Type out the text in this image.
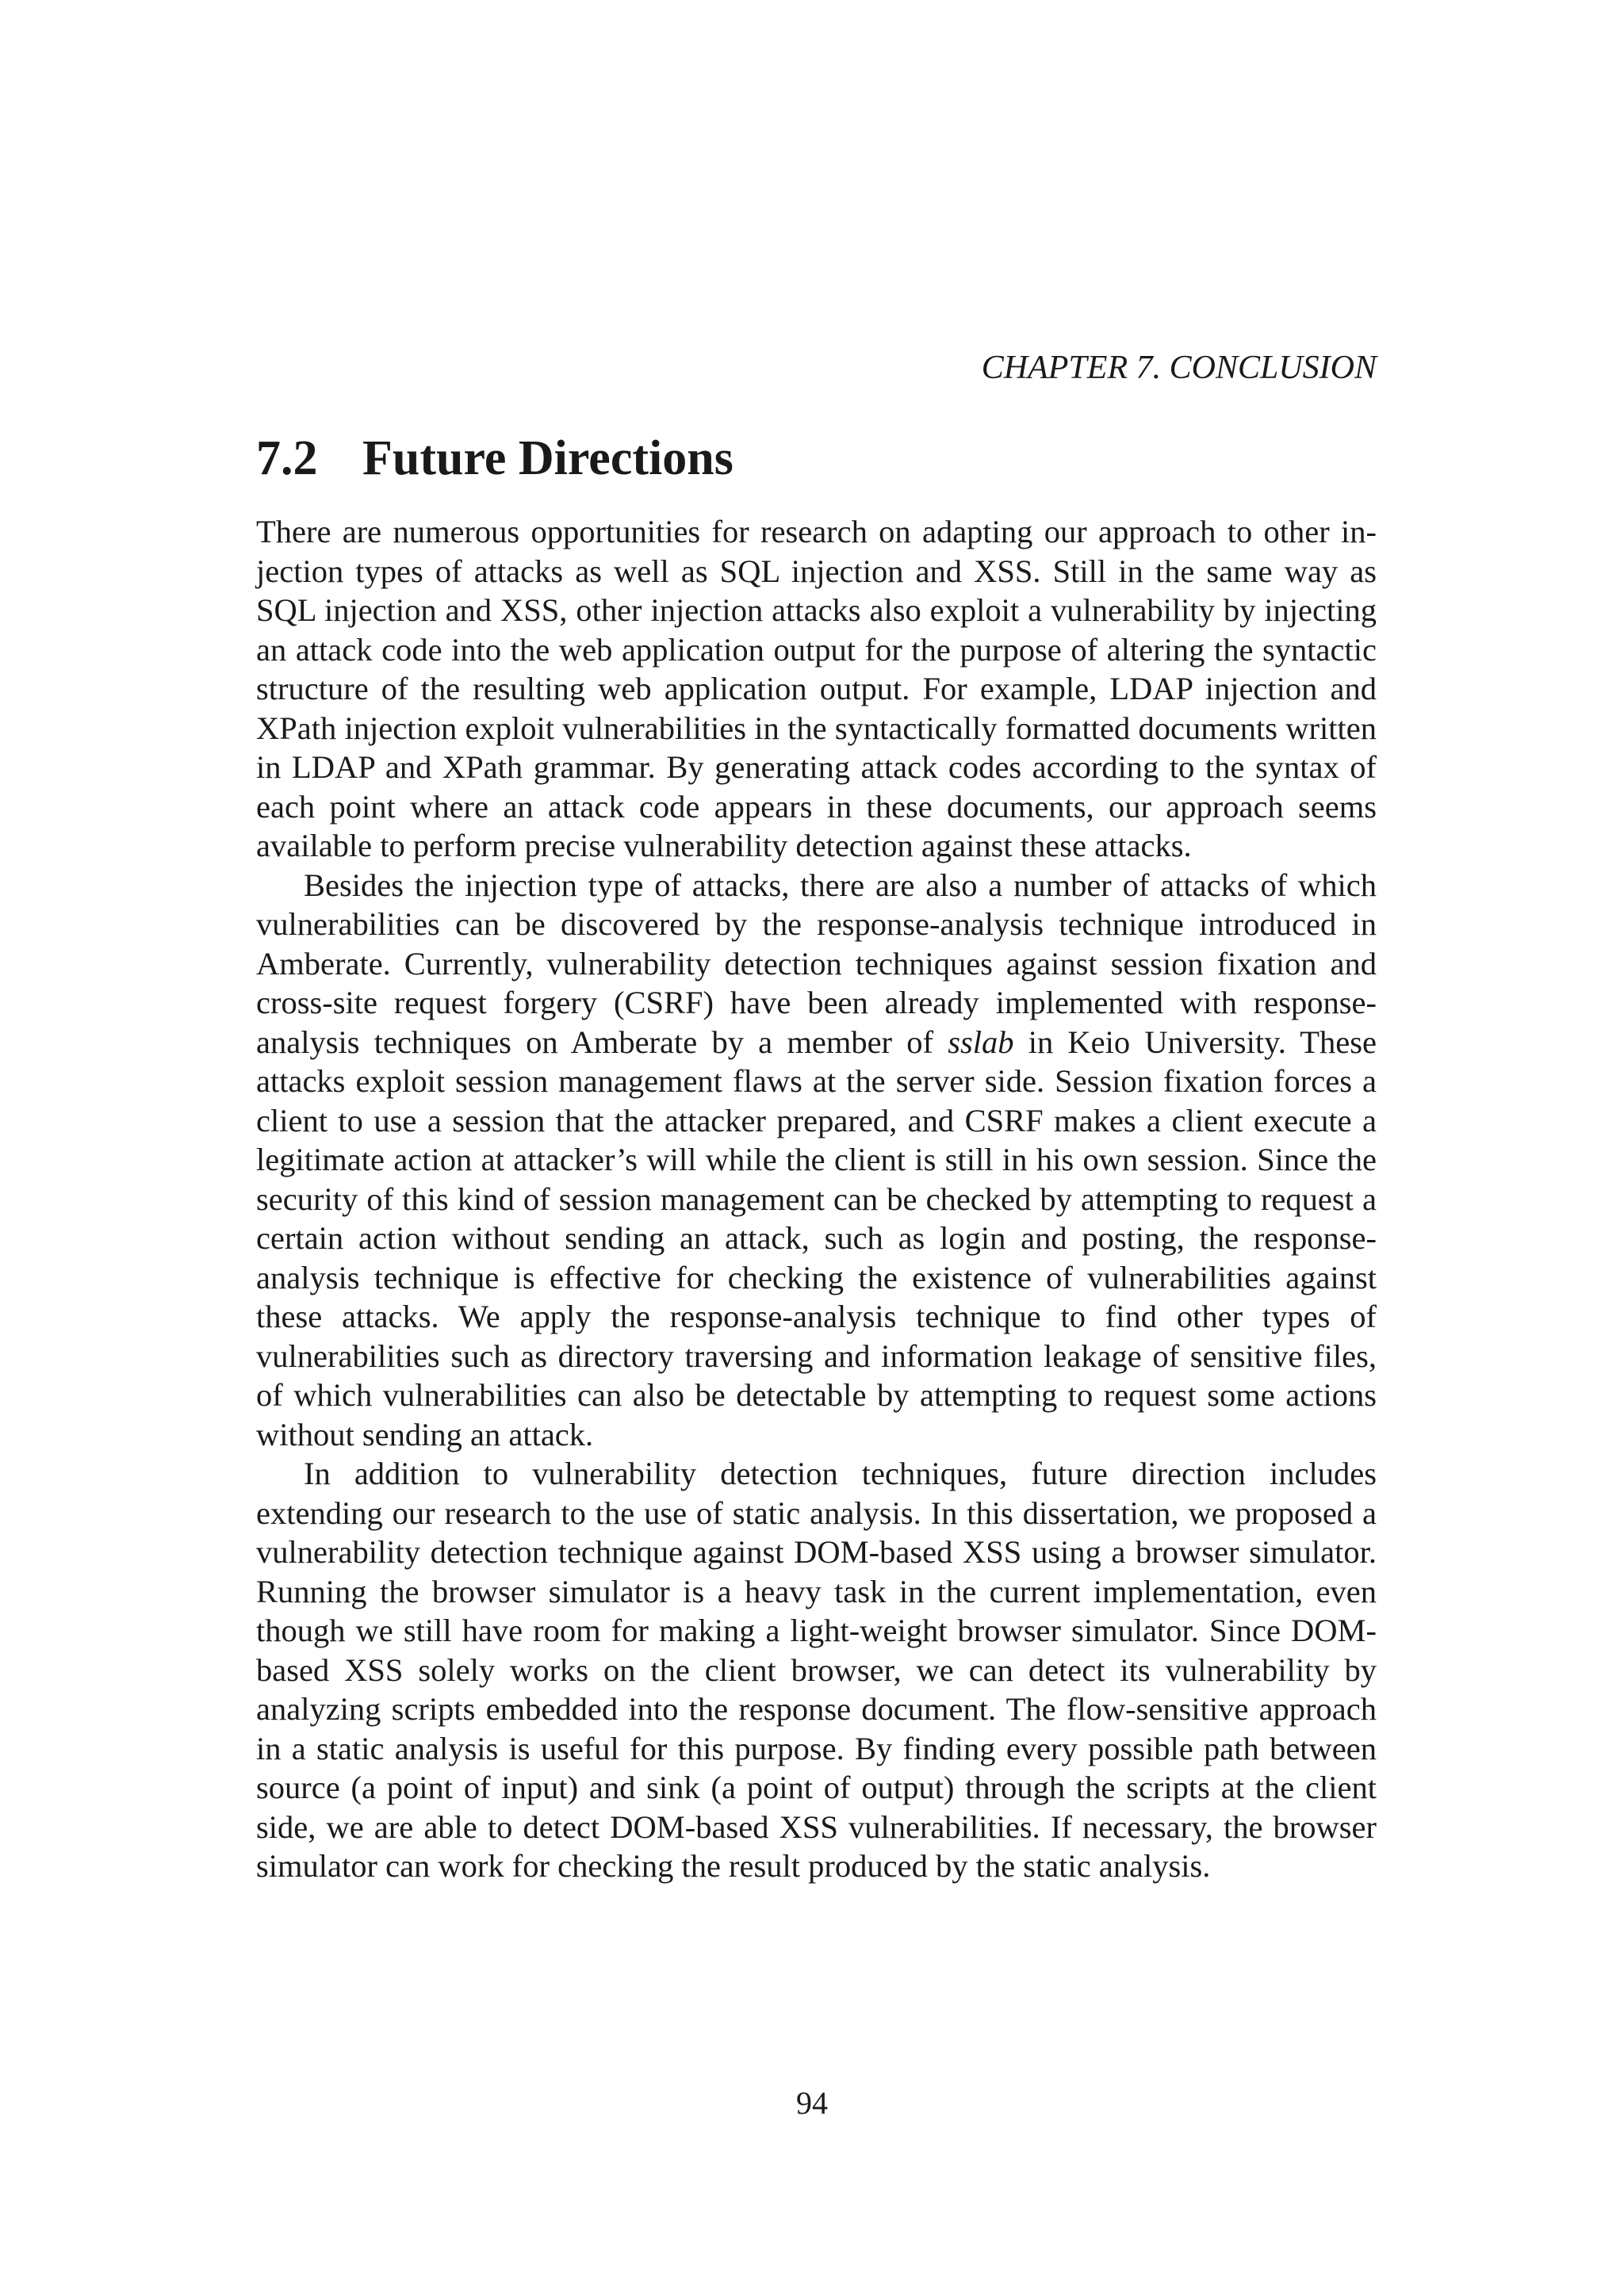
CHAPTER 7. CONCLUSION
7.2 Future Directions

There are numerous opportunities for research on adapting our approach to other injection types of attacks as well as SQL injection and XSS. Still in the same way as SQL injection and XSS, other injection attacks also exploit a vulnerability by injecting an attack code into the web application output for the purpose of altering the syntactic structure of the resulting web application output. For example, LDAP injection and XPath injection exploit vulnerabilities in the syntactically formatted documents written in LDAP and XPath grammar. By generating attack codes according to the syntax of each point where an attack code appears in these documents, our approach seems available to perform precise vulnerability detection against these attacks.

Besides the injection type of attacks, there are also a number of attacks of which vulnerabilities can be discovered by the response-analysis technique introduced in Amberate. Currently, vulnerability detection techniques against session fixation and cross-site request forgery (CSRF) have been already implemented with response-analysis techniques on Amberate by a member of sslab in Keio University. These attacks exploit session management flaws at the server side. Session fixation forces a client to use a session that the attacker prepared, and CSRF makes a client execute a legitimate action at attacker’s will while the client is still in his own session. Since the security of this kind of session management can be checked by attempting to request a certain action without sending an attack, such as login and posting, the response-analysis technique is effective for checking the existence of vulnerabilities against these attacks. We apply the response-analysis technique to find other types of vulnerabilities such as directory traversing and information leakage of sensitive files, of which vulnerabilities can also be detectable by attempting to request some actions without sending an attack.

In addition to vulnerability detection techniques, future direction includes extending our research to the use of static analysis. In this dissertation, we proposed a vulnerability detection technique against DOM-based XSS using a browser simulator. Running the browser simulator is a heavy task in the current implementation, even though we still have room for making a light-weight browser simulator. Since DOM-based XSS solely works on the client browser, we can detect its vulnerability by analyzing scripts embedded into the response document. The flow-sensitive approach in a static analysis is useful for this purpose. By finding every possible path between source (a point of input) and sink (a point of output) through the scripts at the client side, we are able to detect DOM-based XSS vulnerabilities. If necessary, the browser simulator can work for checking the result produced by the static analysis.

94
